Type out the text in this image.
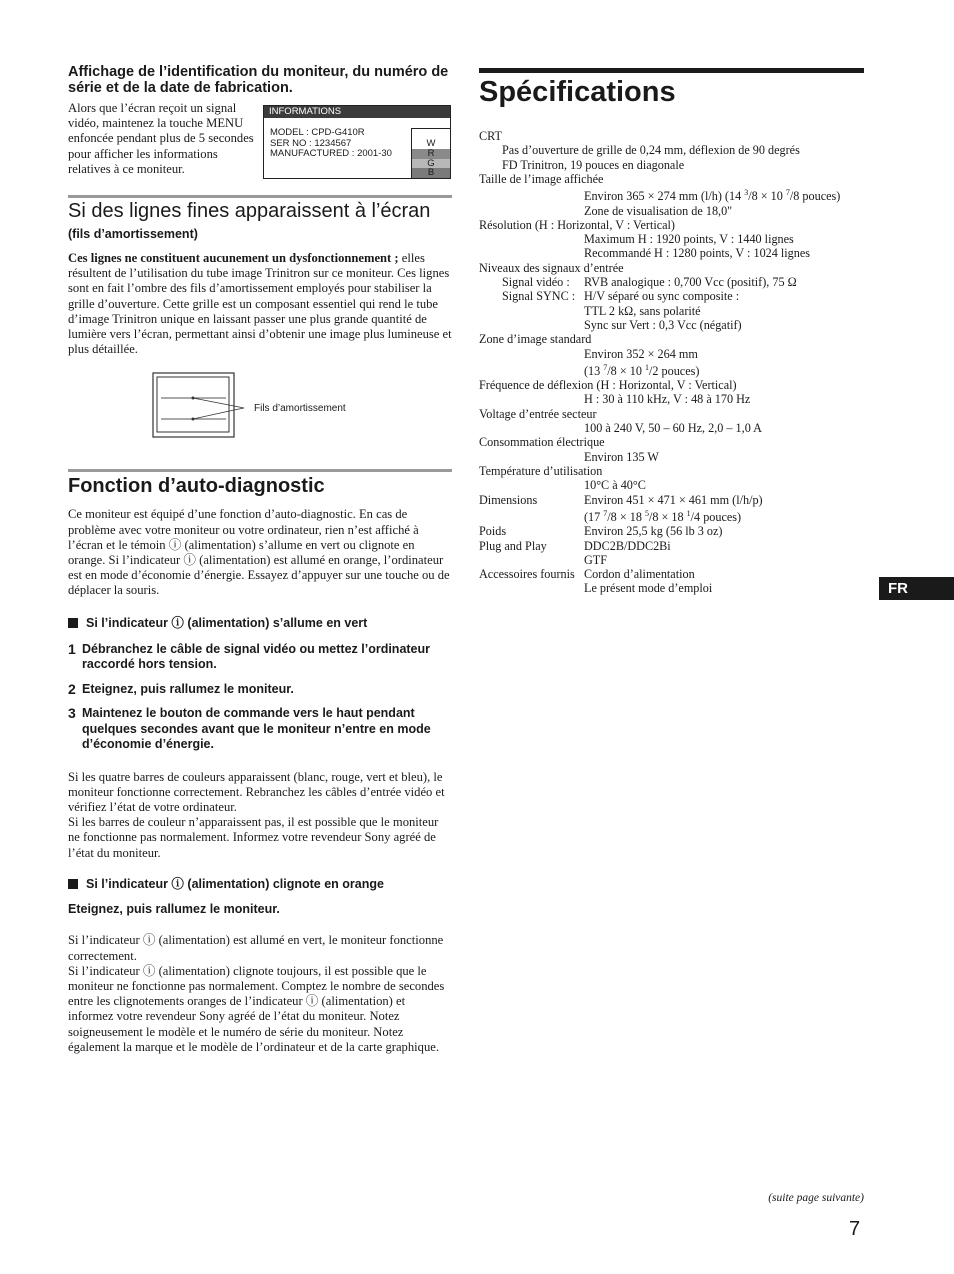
Affichage de l’identification du moniteur, du numéro de série et de la date de fabrication.

Alors que l’écran reçoit un signal vidéo, maintenez la touche MENU enfoncée pendant plus de 5 secondes pour afficher les informations relatives à ce moniteur.

INFORMATIONS
MODEL : CPD-G410R
SER NO : 1234567
MANUFACTURED : 2001-30
W
R
G
B

Si des lignes fines apparaissent à l’écran (fils d’amortissement)

Ces lignes ne constituent aucunement un dysfonctionnement ; elles résultent de l’utilisation du tube image Trinitron sur ce moniteur. Ces lignes sont en fait l’ombre des fils d’amortissement employés pour stabiliser la grille d’ouverture. Cette grille est un composant essentiel qui rend le tube d’image Trinitron unique en laissant passer une plus grande quantité de lumière vers l’écran, permettant ainsi d’obtenir une image plus lumineuse et plus détaillée.

Fils d’amortissement

Fonction d’auto-diagnostic

Ce moniteur est équipé d’une fonction d’auto-diagnostic. En cas de problème avec votre moniteur ou votre ordinateur, rien n’est affiché à l’écran et le témoin ⓘ (alimentation) s’allume en vert ou clignote en orange. Si l’indicateur ⓘ (alimentation) est allumé en orange, l’ordinateur est en mode d’économie d’énergie. Essayez d’appuyer sur une touche ou de déplacer la souris.

Si l’indicateur ⓘ (alimentation) s’allume en vert
1 Débranchez le câble de signal vidéo ou mettez l’ordinateur raccordé hors tension.
2 Eteignez, puis rallumez le moniteur.
3 Maintenez le bouton de commande vers le haut pendant quelques secondes avant que le moniteur n’entre en mode d’économie d’énergie.

Si les quatre barres de couleurs apparaissent (blanc, rouge, vert et bleu), le moniteur fonctionne correctement. Rebranchez les câbles d’entrée vidéo et vérifiez l’état de votre ordinateur.

Si les barres de couleur n’apparaissent pas, il est possible que le moniteur ne fonctionne pas normalement. Informez votre revendeur Sony agréé de l’état du moniteur.

Si l’indicateur ⓘ (alimentation) clignote en orange
Eteignez, puis rallumez le moniteur.

Si l’indicateur ⓘ (alimentation) est allumé en vert, le moniteur fonctionne correctement.

Si l’indicateur ⓘ (alimentation) clignote toujours, il est possible que le moniteur ne fonctionne pas normalement. Comptez le nombre de secondes entre les clignotements oranges de l’indicateur ⓘ (alimentation) et informez votre revendeur Sony agréé de l’état du moniteur. Notez soigneusement le modèle et le numéro de série du moniteur. Notez également la marque et le modèle de l’ordinateur et de la carte graphique.

Spécifications
CRT
Pas d’ouverture de grille de 0,24 mm, déflexion de 90 degrés
FD Trinitron, 19 pouces en diagonale
Taille de l’image affichée
Environ 365 × 274 mm (l/h) (14 $^3$/8 × 10 $^7$/8 pouces)
Zone de visualisation de 18,0"
Résolution (H : Horizontal, V : Vertical)
Maximum H : 1920 points, V : 1440 lignes
Recommandé H : 1280 points, V : 1024 lignes
Niveaux des signaux d’entrée
Signal vidéo :	RVB analogique : 0,700 Vcc (positif), 75 Ω
Signal SYNC : H/V séparé ou sync composite :
TTL 2 kΩ, sans polarité
Sync sur Vert : 0,3 Vcc (négatif)
Zone d’image standard
Environ 352 × 264 mm
(13 $^7$/8 × 10 $^1$/2 pouces)
Fréquence de déflexion (H : Horizontal, V : Vertical)
H : 30 à 110 kHz, V : 48 à 170 Hz
Voltage d’entrée secteur
100 à 240 V, 50 – 60 Hz, 2,0 – 1,0 A
Consommation électrique
Environ 135 W
Température d’utilisation
10°C à 40°C
Dimensions	Environ 451 × 471 × 461 mm (l/h/p)
(17 $^7$/8 × 18 $^5$/8 × 18 $^1$/4 pouces)
Poids	Environ 25,5 kg (56 lb 3 oz)
Plug and Play	DDC2B/DDC2Bi
GTF
Accessoires fournis Cordon d’alimentation
Le présent mode d’emploi	FR
(suite page suivante)
7
